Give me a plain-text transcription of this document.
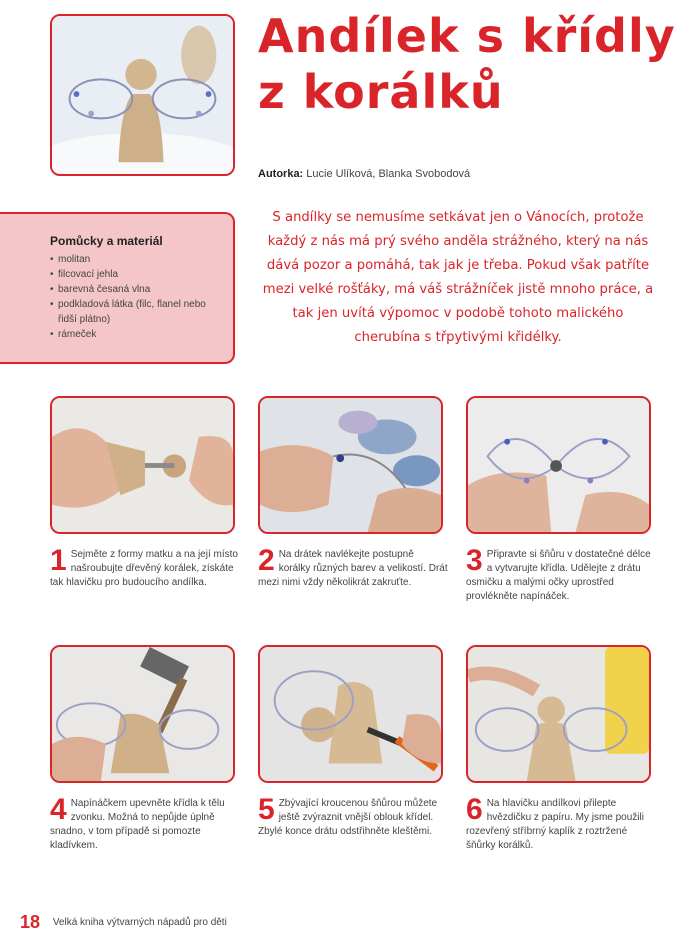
Andílek s křídly
z korálků
Autorka: Lucie Ulíková, Blanka Svobodová
Pomůcky a materiál
• molitan
• filcovací jehla
• barevná česaná vlna
• podkladová látka (filc, flanel nebo řidší plátno)
• rámeček

S andílky se nemusíme setkávat jen o Vánocích, protože každý z nás má prý svého anděla strážného, který na nás dává pozor a pomáhá, tak jak je třeba. Pokud však patříte mezi velké rošťáky, má váš strážníček jistě mnoho práce, a tak jen uvítá výpomoc v podobě tohoto malického cherubína s třpytivými křidélky.

1 Sejměte z formy matku a na její místo našroubujte dřevěný korálek, získáte tak hlavičku pro budoucího andílka.
2 Na drátek navlékejte postupně korálky různých barev a velikostí. Drát mezi nimi vždy několikrát zakruťte.
3 Připravte si šňůru v dostatečné délce a vytvarujte křídla. Udělejte z drátu osmičku a malými očky uprostřed provlékněte napínáček.
4 Napínáčkem upevněte křídla k tělu zvonku. Možná to nepůjde úplně snadno, v tom případě si pomozte kladívkem.
5 Zbývající kroucenou šňůrou můžete ještě zvýraznit vnější oblouk křídel. Zbylé konce drátu odstřihněte kleštěmi.
6 Na hlavičku andílkovi přilepte hvězdičku z papíru. My jsme použili rozevřený stříbrný kaplík z roztržené šňůrky korálků.
18 Velká kniha výtvarných nápadů pro děti
